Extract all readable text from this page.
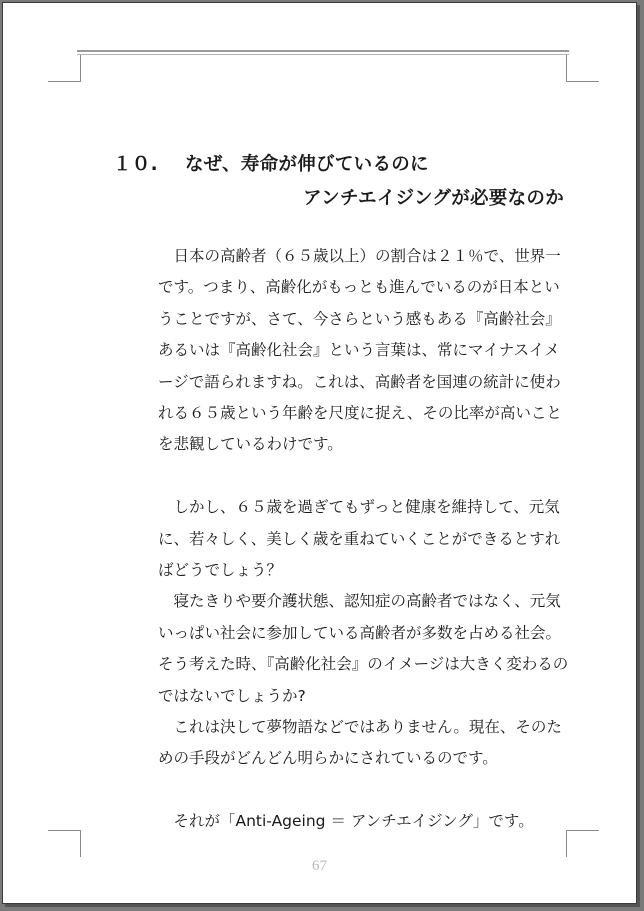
１０.	なぜ、寿命が伸びているのに
アンチエイジングが必要なのか

　日本の高齢者（６５歳以上）の割合は２１％で、世界一

です。つまり、高齢化がもっとも進んでいるのが日本とい

うことですが、さて、今さらという感もある『高齢社会』

あるいは『高齢化社会』という言葉は、常にマイナスイメ

ージで語られますね。これは、高齢者を国連の統計に使わ

れる６５歳という年齢を尺度に捉え、その比率が高いこと

を悲観しているわけです。

　しかし、６５歳を過ぎてもずっと健康を維持して、元気

に、若々しく、美しく歳を重ねていくことができるとすれ

ばどうでしょう？

　寝たきりや要介護状態、認知症の高齢者ではなく、元気

いっぱい社会に参加している高齢者が多数を占める社会。

そう考えた時、『高齢化社会』のイメージは大きく変わるの

ではないでしょうか?

　これは決して夢物語などではありません。現在、そのた

めの手段がどんどん明らかにされているのです。

　それが「Anti-Ageing ＝ アンチエイジング」です。

67
